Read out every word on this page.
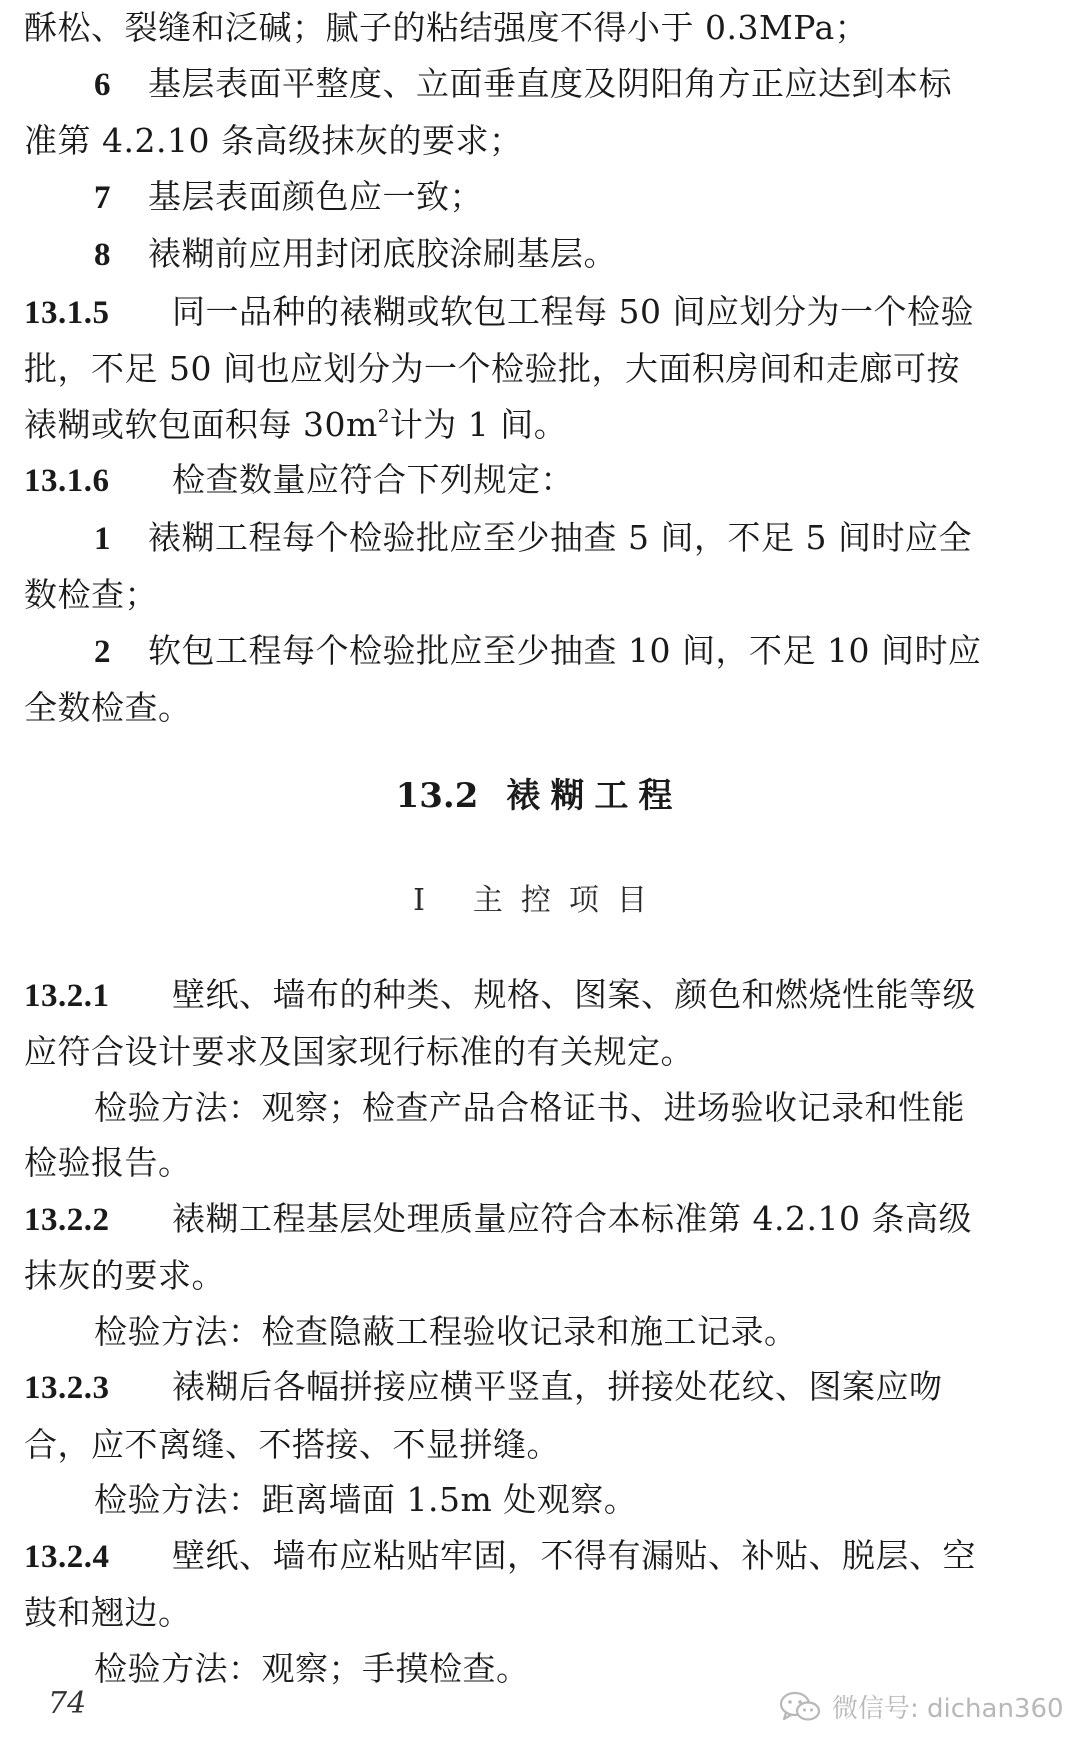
酥松、裂缝和泛碱；腻子的粘结强度不得小于 0.3MPa；
6 基层表面平整度、立面垂直度及阴阳角方正应达到本标
准第 4.2.10 条高级抹灰的要求；
7 基层表面颜色应一致；
8 裱糊前应用封闭底胶涂刷基层。
13.1.5 同一品种的裱糊或软包工程每 50 间应划分为一个检验
批，不足 50 间也应划分为一个检验批，大面积房间和走廊可按
裱糊或软包面积每 $30m^2$计为 1 间。
13.1.6 检查数量应符合下列规定：
1 裱糊工程每个检验批应至少抽查 5 间，不足 5 间时应全
数检查；
2 软包工程每个检验批应至少抽查 10 间，不足 10 间时应
全数检查。
13.2 裱糊工程
Ⅰ 主控项目
13.2.1 壁纸、墙布的种类、规格、图案、颜色和燃烧性能等级
应符合设计要求及国家现行标准的有关规定。
检验方法：观察；检查产品合格证书、进场验收记录和性能
检验报告。
13.2.2 裱糊工程基层处理质量应符合本标准第 4.2.10 条高级
抹灰的要求。
检验方法：检查隐蔽工程验收记录和施工记录。
13.2.3 裱糊后各幅拼接应横平竖直，拼接处花纹、图案应吻
合，应不离缝、不搭接、不显拼缝。
检验方法：距离墙面 1.5m 处观察。
13.2.4 壁纸、墙布应粘贴牢固，不得有漏贴、补贴、脱层、空
鼓和翘边。
检验方法：观察；手摸检查。
74	微信号: dichan360
